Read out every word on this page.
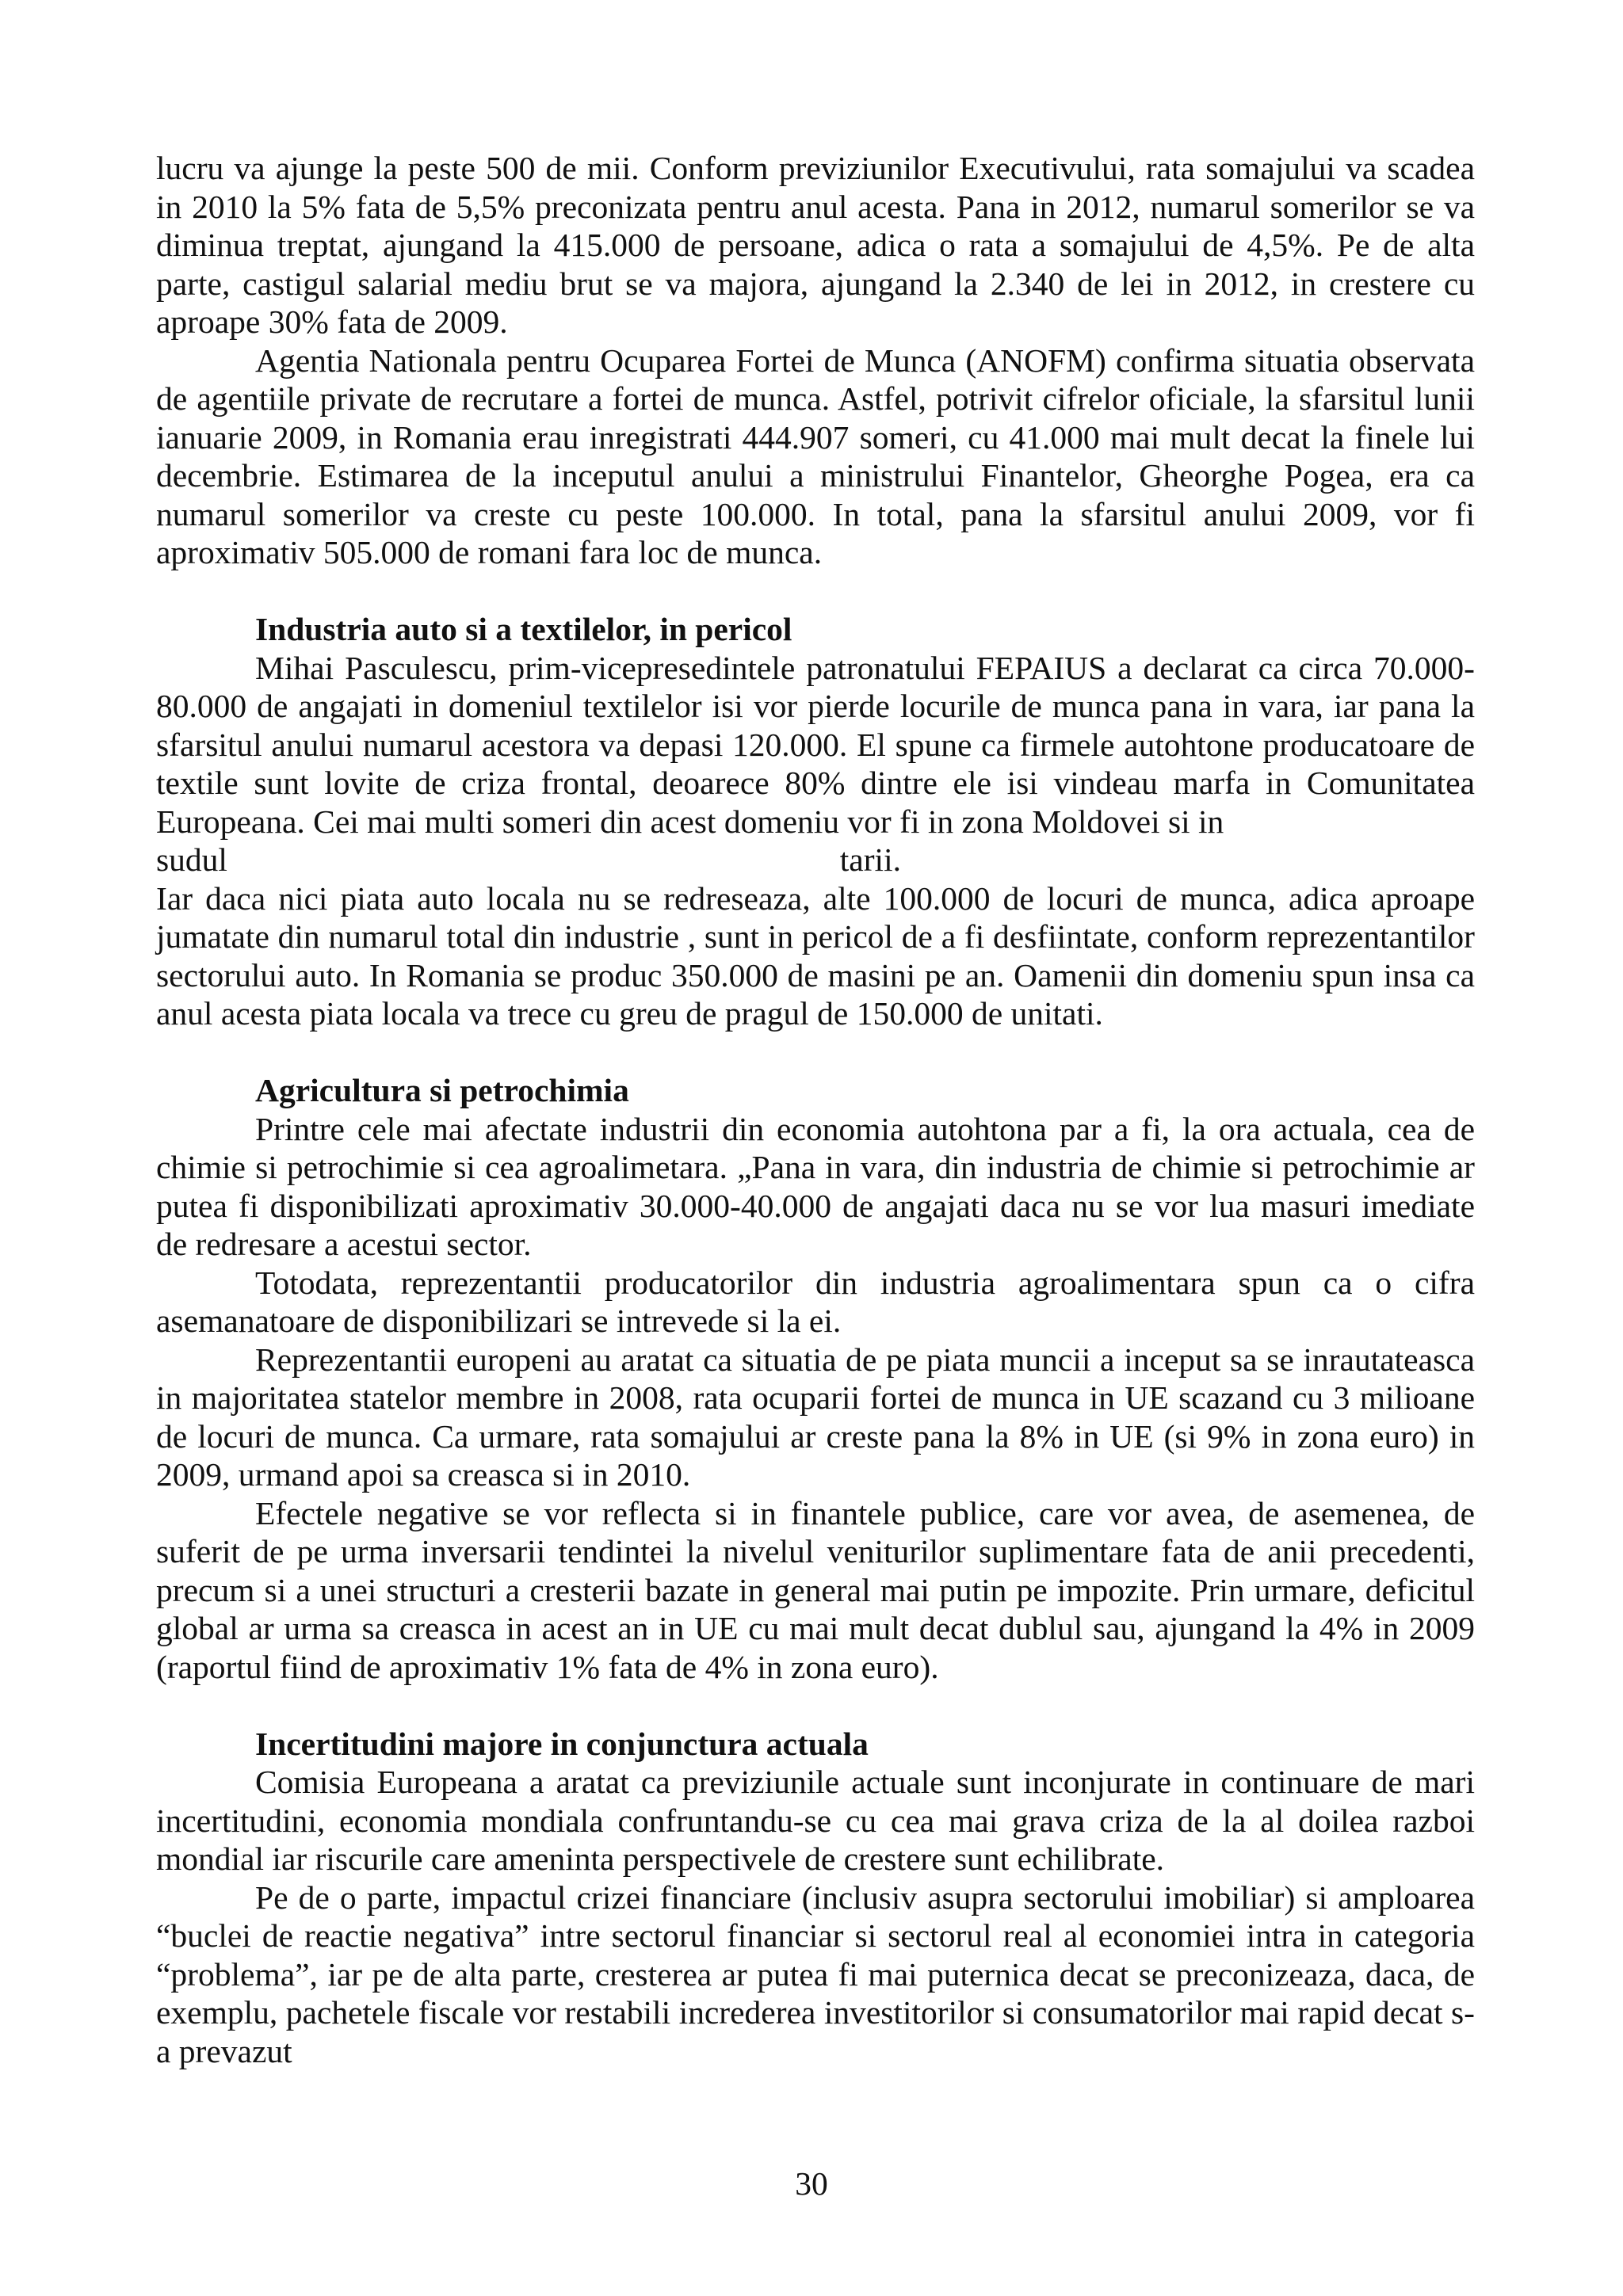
lucru va ajunge la peste 500 de mii. Conform previziunilor Executivului, rata somajului va scadea in 2010 la 5% fata de 5,5% preconizata pentru anul acesta. Pana in 2012, numarul somerilor se va diminua treptat, ajungand la 415.000 de persoane, adica o rata a somajului de 4,5%. Pe de alta parte, castigul salarial mediu brut se va majora, ajungand la 2.340 de lei in 2012, in crestere cu aproape 30% fata de 2009.

Agentia Nationala pentru Ocuparea Fortei de Munca (ANOFM) confirma situatia observata de agentiile private de recrutare a fortei de munca. Astfel, potrivit cifrelor oficiale, la sfarsitul lunii ianuarie 2009, in Romania erau inregistrati 444.907 someri, cu 41.000 mai mult decat la finele lui decembrie. Estimarea de la inceputul anului a ministrului Finantelor, Gheorghe Pogea, era ca numarul somerilor va creste cu peste 100.000. In total, pana la sfarsitul anului 2009, vor fi aproximativ 505.000 de romani fara loc de munca.

Industria auto si a textilelor, in pericol

Mihai Pasculescu, prim-vicepresedintele patronatului FEPAIUS a declarat ca circa 70.000-80.000 de angajati in domeniul textilelor isi vor pierde locurile de munca pana in vara, iar pana la sfarsitul anului numarul acestora va depasi 120.000. El spune ca firmele autohtone producatoare de textile sunt lovite de criza frontal, deoarece 80% dintre ele isi vindeau marfa in Comunitatea Europeana. Cei mai multi someri din acest domeniu vor fi in zona Moldovei si in

sudul	tarii.

Iar daca nici piata auto locala nu se redreseaza, alte 100.000 de locuri de munca, adica aproape jumatate din numarul total din industrie , sunt in pericol de a fi desfiintate, conform reprezentantilor sectorului auto. In Romania se produc 350.000 de masini pe an. Oamenii din domeniu spun insa ca anul acesta piata locala va trece cu greu de pragul de 150.000 de unitati.

Agricultura si petrochimia

Printre cele mai afectate industrii din economia autohtona par a fi, la ora actuala, cea de chimie si petrochimie si cea agroalimetara. „Pana in vara, din industria de chimie si petrochimie ar putea fi disponibilizati aproximativ 30.000-40.000 de angajati daca nu se vor lua masuri imediate de redresare a acestui sector.

Totodata, reprezentantii producatorilor din industria agroalimentara spun ca o cifra asemanatoare de disponibilizari se intrevede si la ei.

Reprezentantii europeni au aratat ca situatia de pe piata muncii a inceput sa se inrautateasca in majoritatea statelor membre in 2008, rata ocuparii fortei de munca in UE scazand cu 3 milioane de locuri de munca. Ca urmare, rata somajului ar creste pana la 8% in UE (si 9% in zona euro) in 2009, urmand apoi sa creasca si in 2010.

Efectele negative se vor reflecta si in finantele publice, care vor avea, de asemenea, de suferit de pe urma inversarii tendintei la nivelul veniturilor suplimentare fata de anii precedenti, precum si a unei structuri a cresterii bazate in general mai putin pe impozite. Prin urmare, deficitul global ar urma sa creasca in acest an in UE cu mai mult decat dublul sau, ajungand la 4% in 2009 (raportul fiind de aproximativ 1% fata de 4% in zona euro).

Incertitudini majore in conjunctura actuala

Comisia Europeana a aratat ca previziunile actuale sunt inconjurate in continuare de mari incertitudini, economia mondiala confruntandu-se cu cea mai grava criza de la al doilea razboi mondial iar riscurile care ameninta perspectivele de crestere sunt echilibrate.

Pe de o parte, impactul crizei financiare (inclusiv asupra sectorului imobiliar) si amploarea “buclei de reactie negativa” intre sectorul financiar si sectorul real al economiei intra in categoria “problema”, iar pe de alta parte, cresterea ar putea fi mai puternica decat se preconizeaza, daca, de exemplu, pachetele fiscale vor restabili increderea investitorilor si consumatorilor mai rapid decat s-a prevazut

30
